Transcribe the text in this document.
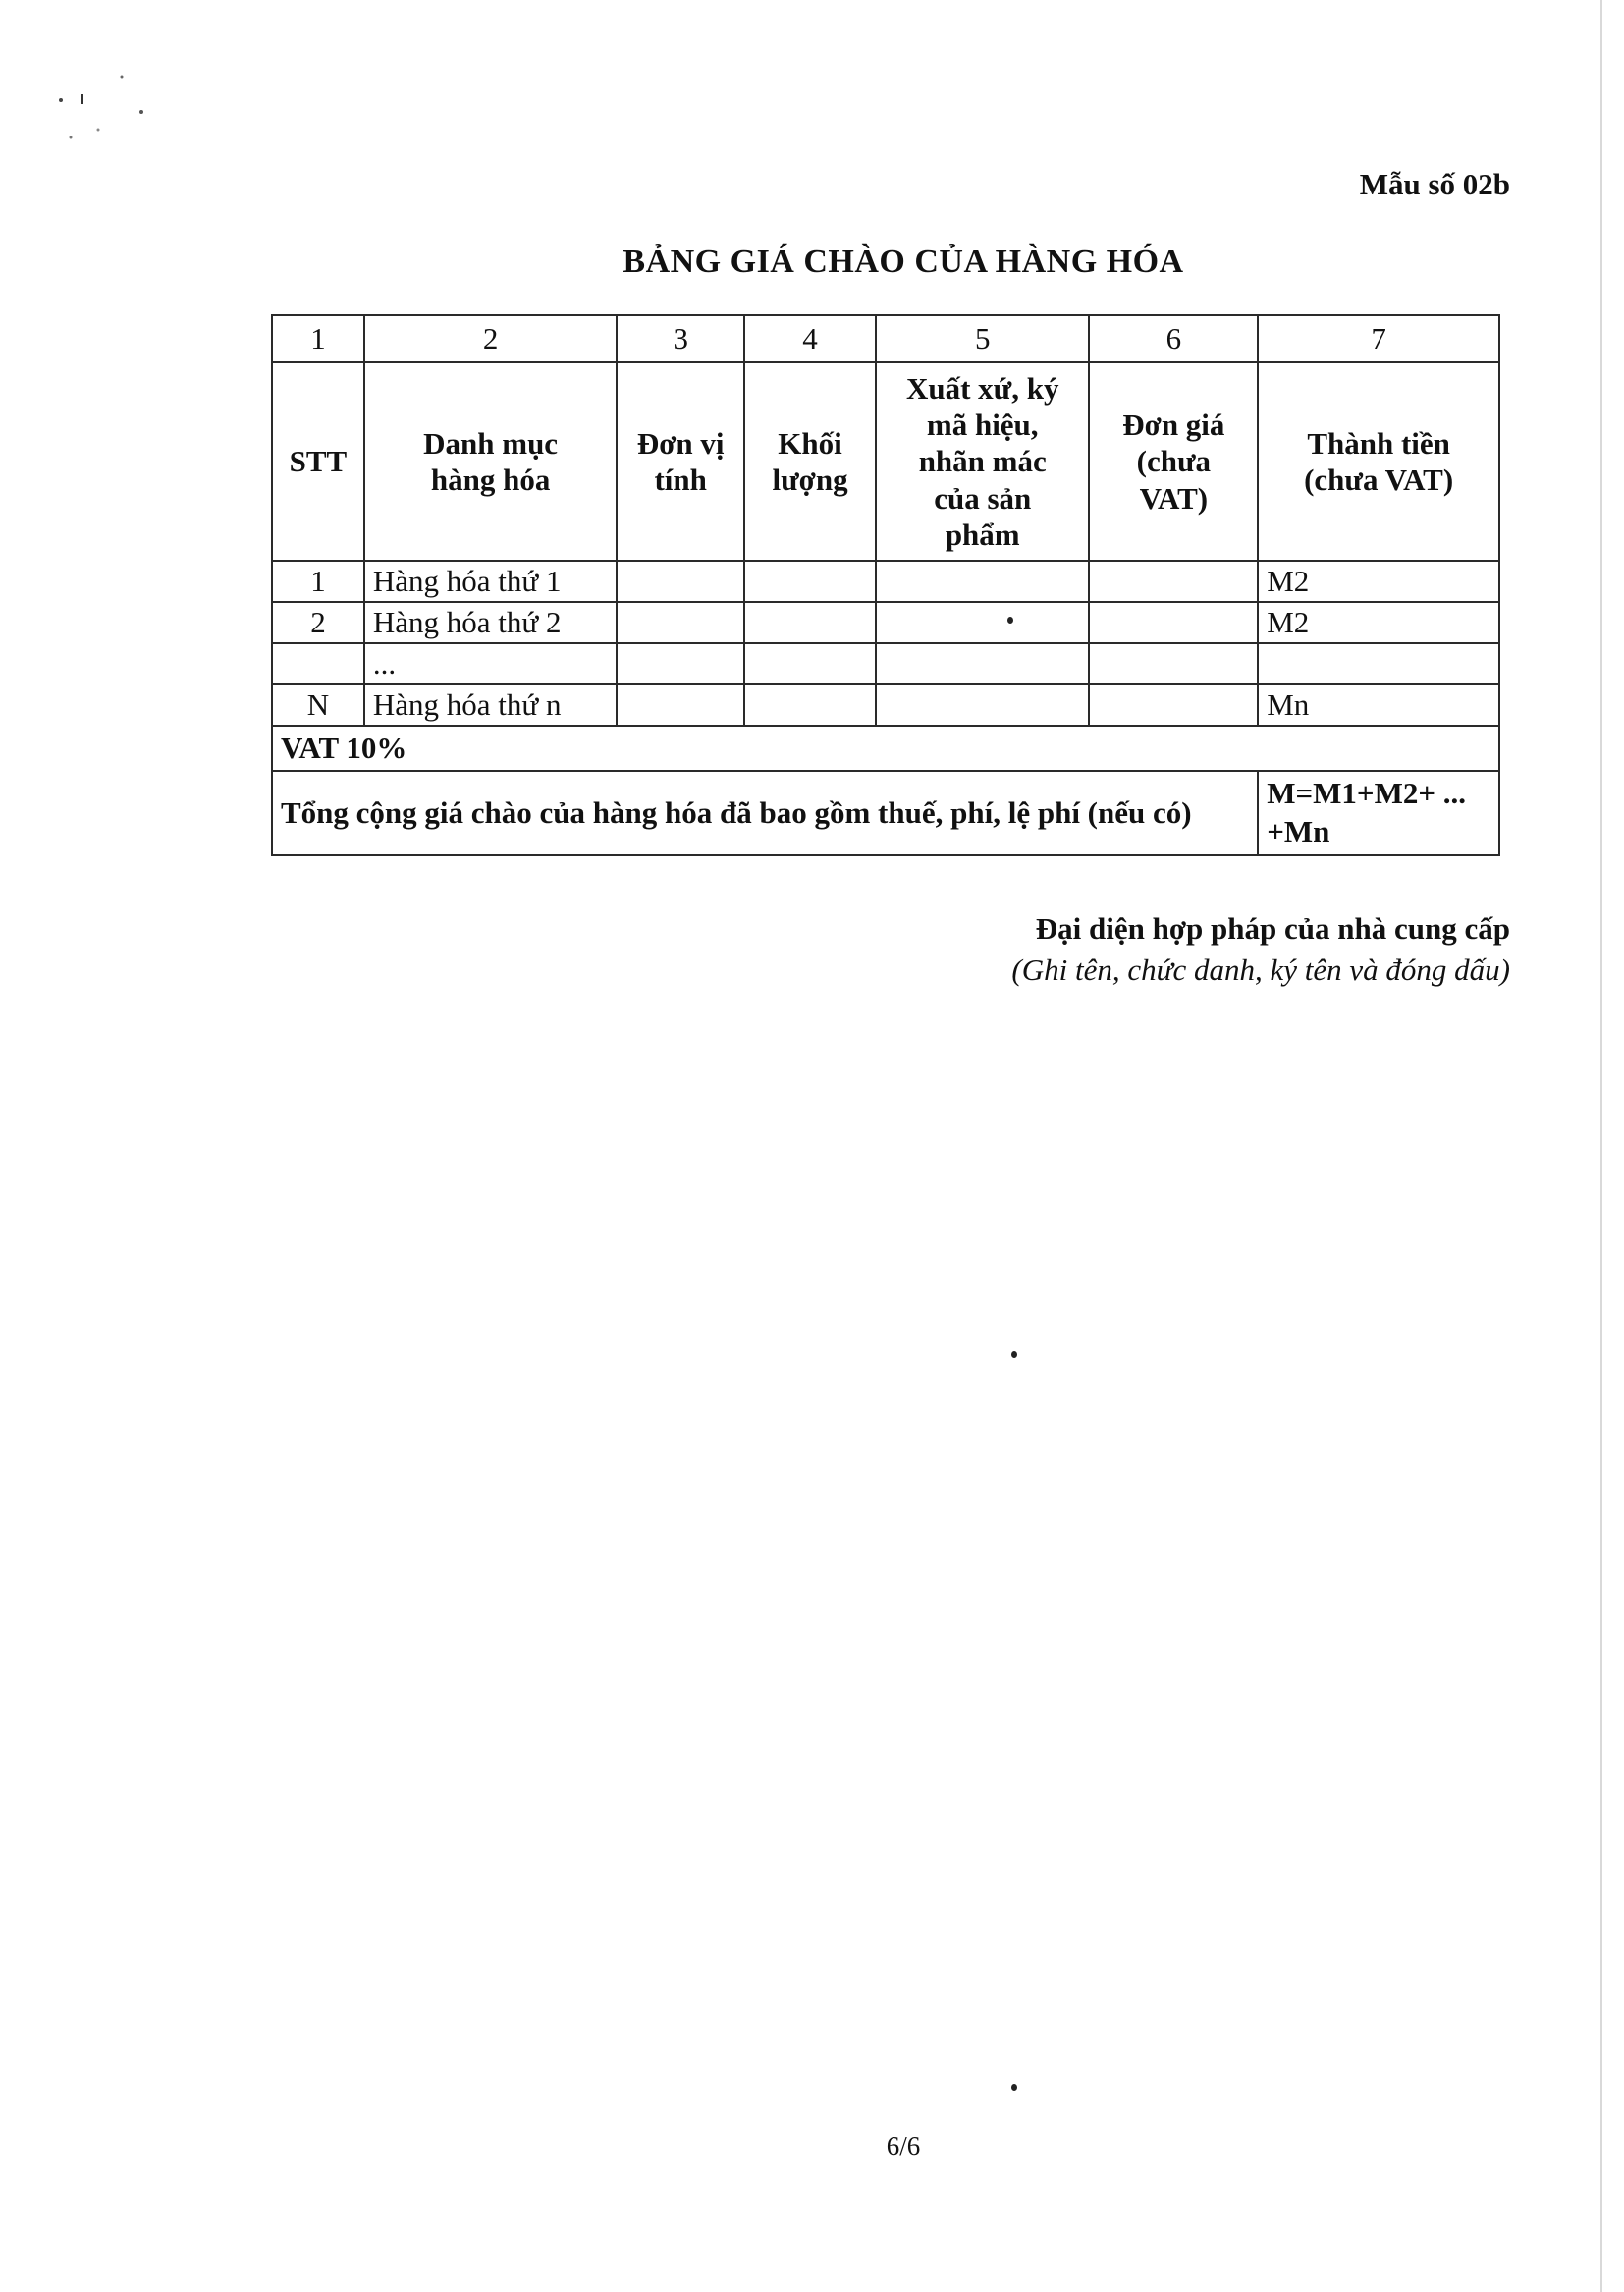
Mẫu số 02b
BẢNG GIÁ CHÀO CỦA HÀNG HÓA
1	2	3	4	5	6	7
STT	Danh mục hàng hóa	Đơn vị tính	Khối lượng	Xuất xứ, ký mã hiệu, nhãn mác của sản phẩm	Đơn giá (chưa VAT)	Thành tiền (chưa VAT)
1	Hàng hóa thứ 1					M2
2	Hàng hóa thứ 2					M2
	...					
N	Hàng hóa thứ n					Mn
VAT 10%						
Tổng cộng giá chào của hàng hóa đã bao gồm thuế, phí, lệ phí (nếu có)						M=M1+M2+ ... +Mn
Đại diện hợp pháp của nhà cung cấp
(Ghi tên, chức danh, ký tên và đóng dấu)
6/6
